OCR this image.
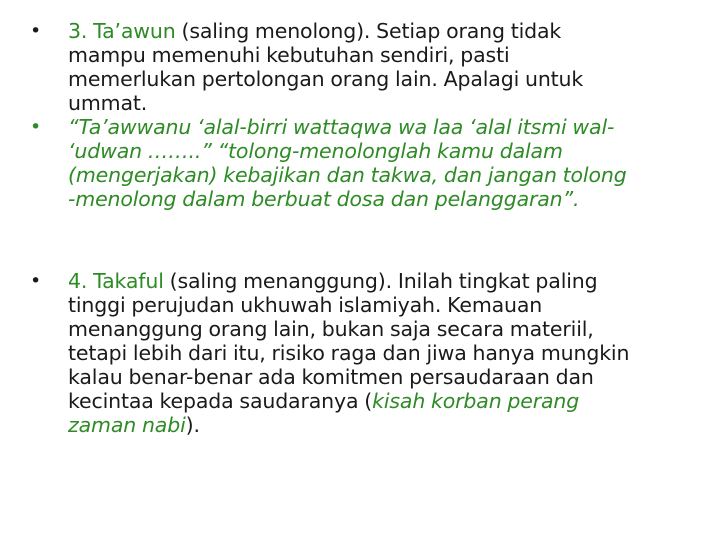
• 3. Ta’awun (saling menolong). Setiap orang tidak
mampu memenuhi kebutuhan sendiri, pasti
memerlukan pertolongan orang lain. Apalagi untuk
ummat.
• “Ta’awwanu ‘alal-birri wattaqwa wa laa ‘alal itsmi wal-
‘udwan ……..” “tolong-menolonglah kamu dalam
(mengerjakan) kebajikan dan takwa, dan jangan tolong
-menolong dalam berbuat dosa dan pelanggaran”.
• 4. Takaful (saling menanggung). Inilah tingkat paling
tinggi perujudan ukhuwah islamiyah. Kemauan
menanggung orang lain, bukan saja secara materiil,
tetapi lebih dari itu, risiko raga dan jiwa hanya mungkin
kalau benar-benar ada komitmen persaudaraan dan
kecintaa kepada saudaranya (kisah korban perang
zaman nabi).
